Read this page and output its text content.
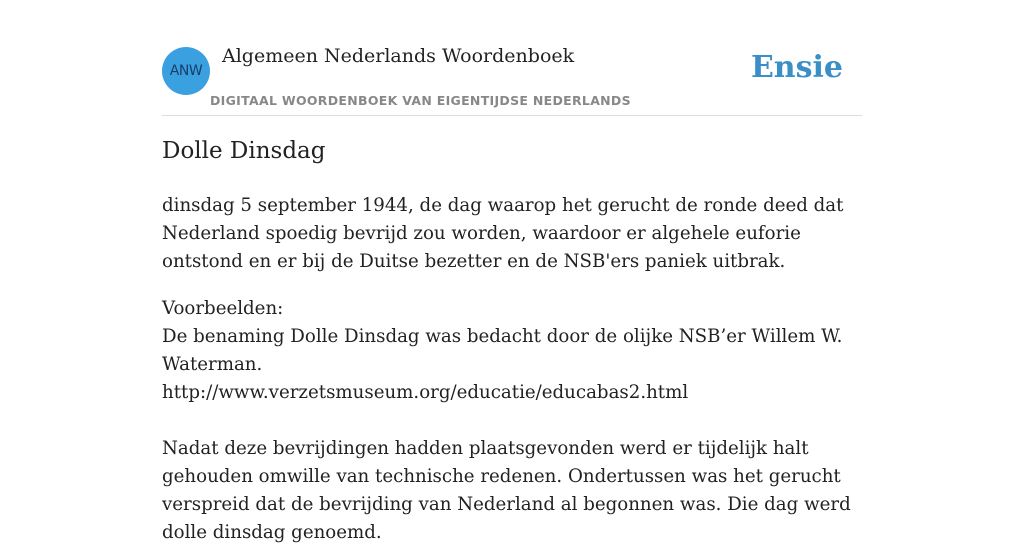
ANW
Algemeen Nederlands Woordenboek
DIGITAAL WOORDENBOEK VAN EIGENTIJDSE NEDERLANDS
Ensie
Dolle Dinsdag

dinsdag 5 september 1944, de dag waarop het gerucht de ronde deed dat Nederland spoedig bevrijd zou worden, waardoor er algehele euforie ontstond en er bij de Duitse bezetter en de NSB'ers paniek uitbrak.

Voorbeelden:

De benaming Dolle Dinsdag was bedacht door de olijke NSB’er Willem W. Waterman.

http://www.verzetsmuseum.org/educatie/educabas2.html

Nadat deze bevrijdingen hadden plaatsgevonden werd er tijdelijk halt gehouden omwille van technische redenen. Ondertussen was het gerucht verspreid dat de bevrijding van Nederland al begonnen was. Die dag werd dolle dinsdag genoemd.
